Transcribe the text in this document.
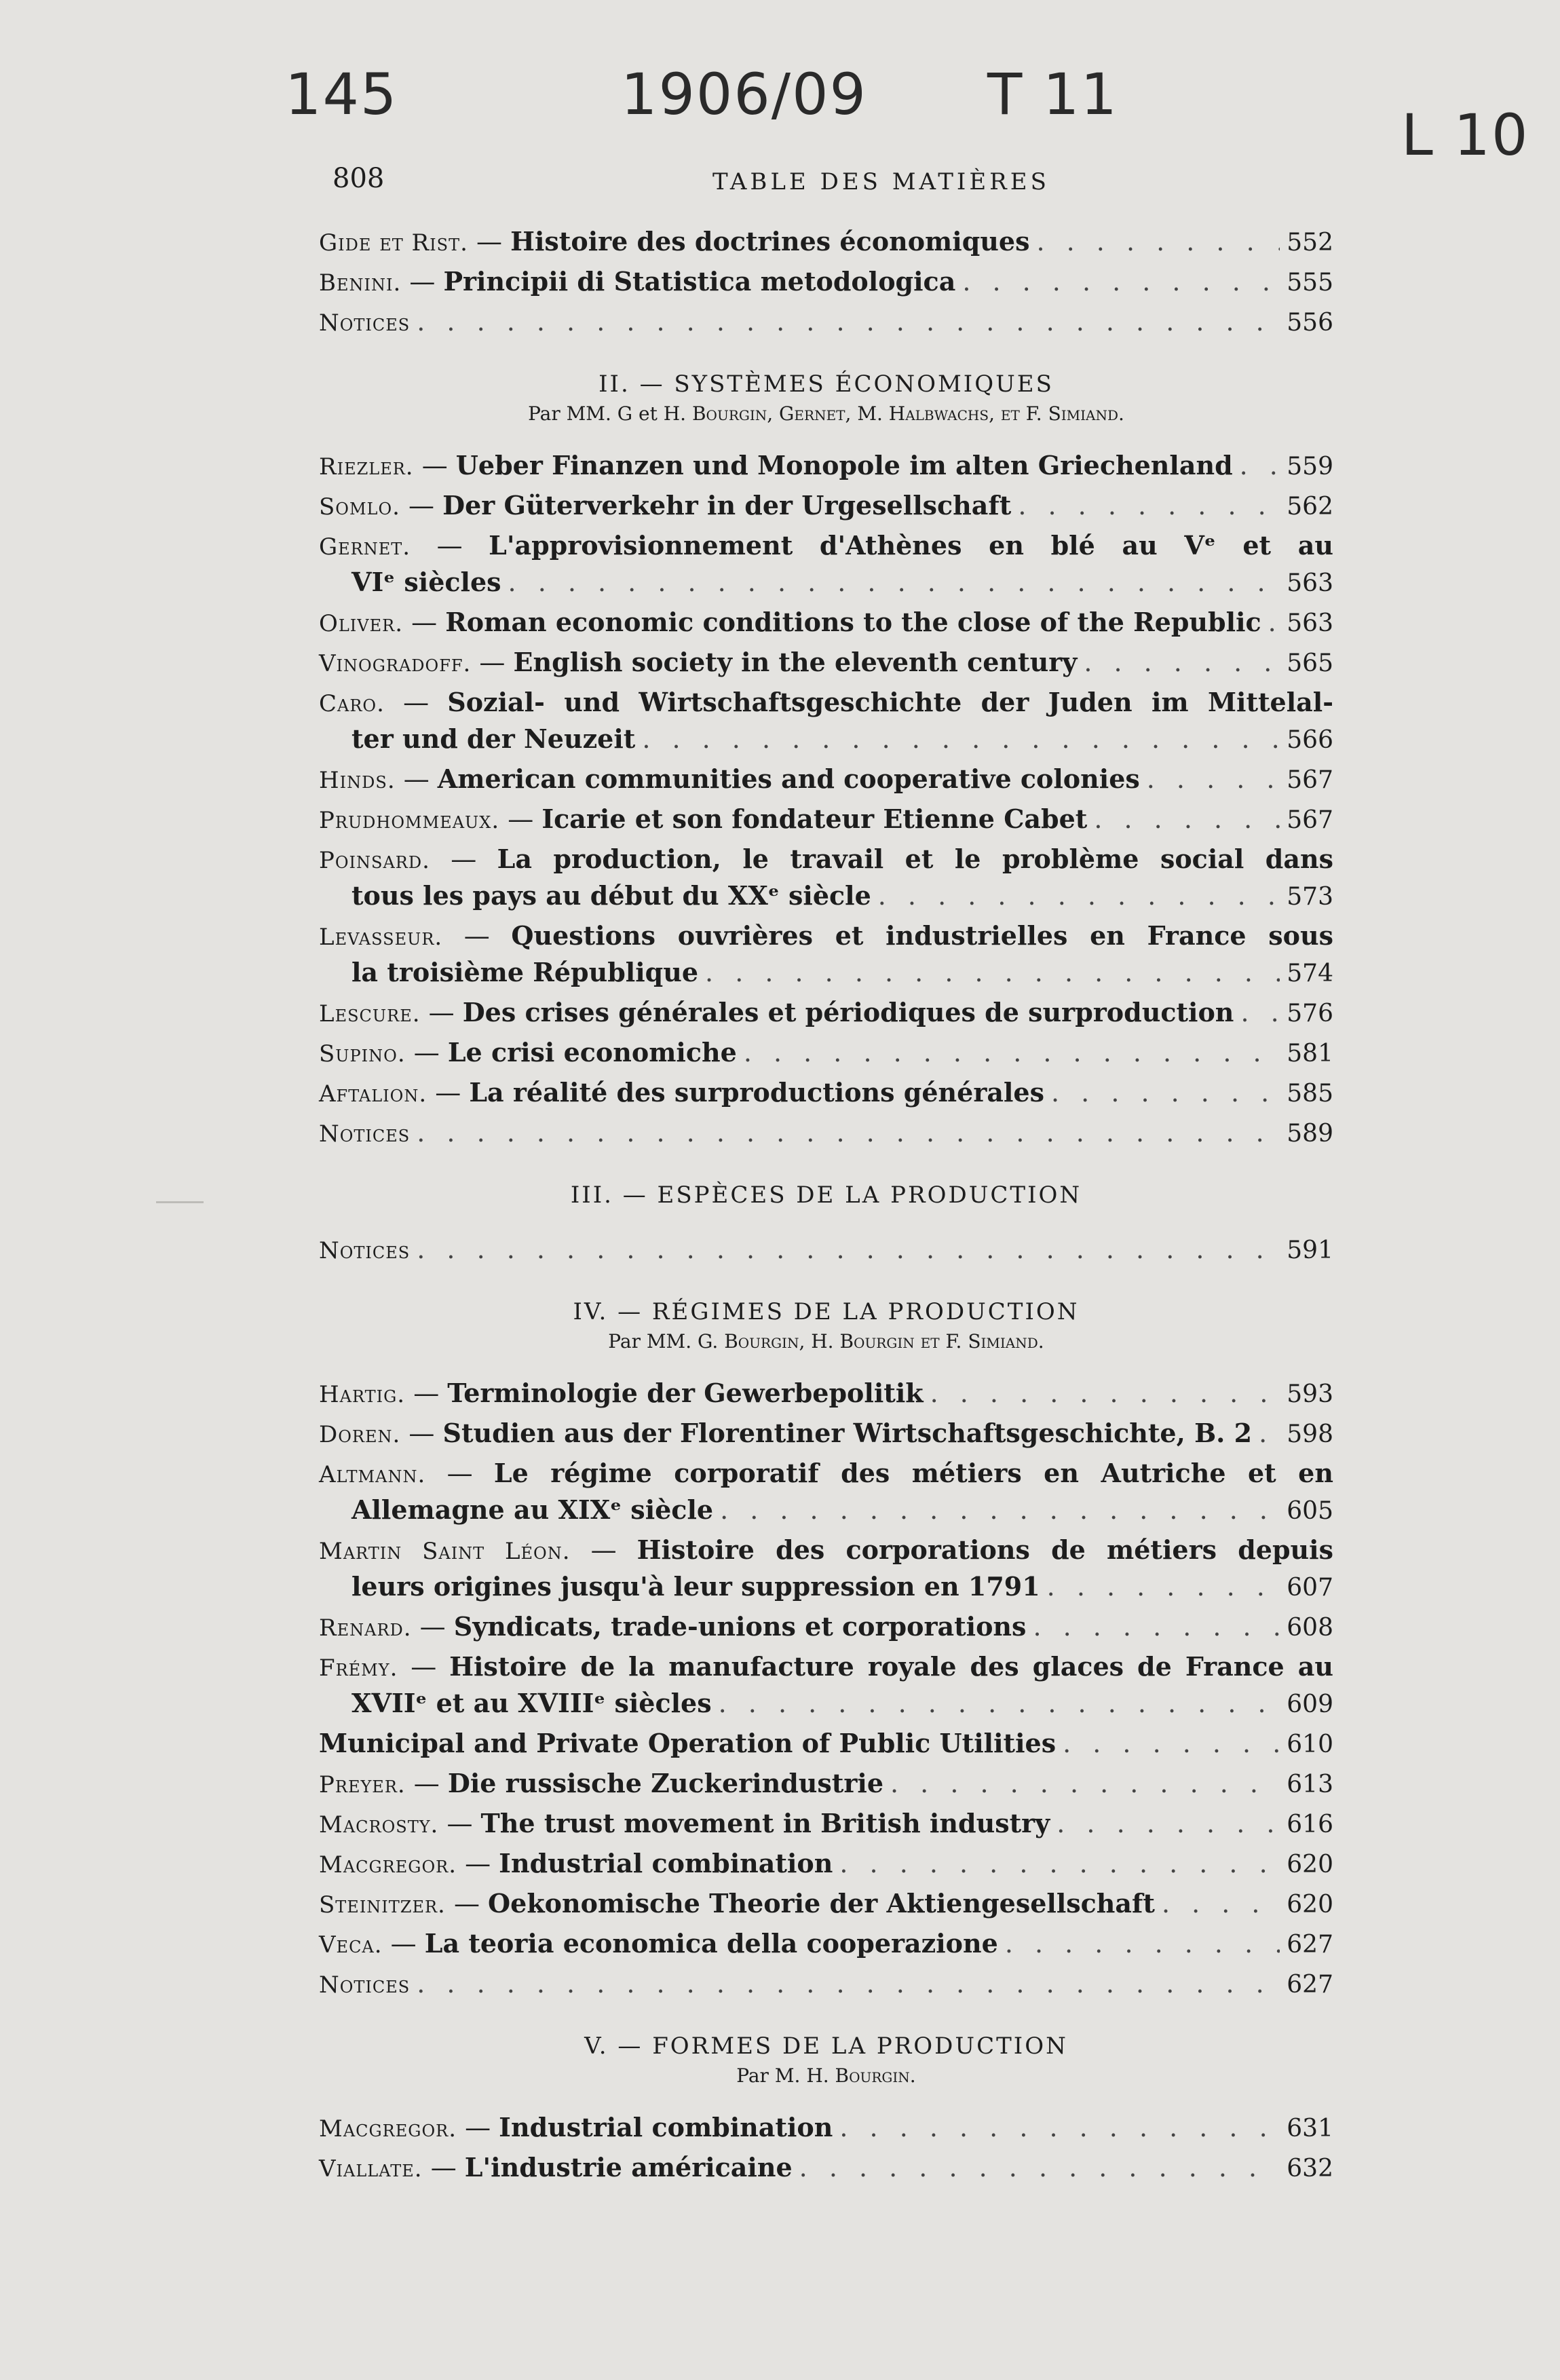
145	1906/09 T 11
L 10
808	TABLE DES MATIÈRES
Gide et Rist. — Histoire des doctrines économiques . . .	552
Benini. — Principii di Statistica metodologica . . .	555
Notices . . .	556
II. — SYSTÈMES ÉCONOMIQUES
Par MM. G et H. Bourgin, Gernet, M. Halbwachs, et F. Simiand.
Riezler. — Ueber Finanzen und Monopole im alten Griechenland . . . 559
Somlo. — Der Güterverkehr in der Urgesellschaft . . .	562
Gernet. — L'approvisionnement d'Athènes en blé au Vᵉ et au
VIᵉ siècles . . .	563
Oliver. — Roman economic conditions to the close of the Republic . . . 563
Vinogradoff. — English society in the eleventh century . . .	565
Caro. — Sozial- und Wirtschaftsgeschichte der Juden im Mittelal-
ter und der Neuzeit . . .	566
Hinds. — American communities and cooperative colonies . . .	567
Prudhommeaux. — Icarie et son fondateur Etienne Cabet . . .	567
Poinsard. — La production, le travail et le problème social dans
tous les pays au début du XXᵉ siècle . . .	573
Levasseur. — Questions ouvrières et industrielles en France sous
la troisième République . . .	574
Lescure. — Des crises générales et périodiques de surproduction . . . 576
Supino. — Le crisi economiche . . .	581
Aftalion. — La réalité des surproductions générales . . .	585
Notices . . .	589
III. — ESPÈCES DE LA PRODUCTION
Notices . . .	591
IV. — RÉGIMES DE LA PRODUCTION
Par MM. G. Bourgin, H. Bourgin et F. Simiand.
Hartig. — Terminologie der Gewerbepolitik . . .	593
Doren. — Studien aus der Florentiner Wirtschaftsgeschichte, B. 2 . . . 598
Altmann. — Le régime corporatif des métiers en Autriche et en
Allemagne au XIXᵉ siècle . . .	605
Martin Saint Léon. — Histoire des corporations de métiers depuis
leurs origines jusqu'à leur suppression en 1791 . . .	607
Renard. — Syndicats, trade-unions et corporations . . .	608
Frémy. — Histoire de la manufacture royale des glaces de France au
XVIIᵉ et au XVIIIᵉ siècles . . .	609
Municipal and Private Operation of Public Utilities . . .	610
Preyer. — Die russische Zuckerindustrie . . .	613
Macrosty. — The trust movement in British industry . . .	616
Macgregor. — Industrial combination . . .	620
Steinitzer. — Oekonomische Theorie der Aktiengesellschaft . . .	620
Veca. — La teoria economica della cooperazione . . .	627
Notices . . .	627
V. — FORMES DE LA PRODUCTION
Par M. H. Bourgin.
Macgregor. — Industrial combination . . .	631
Viallate. — L'industrie américaine . . .	632
